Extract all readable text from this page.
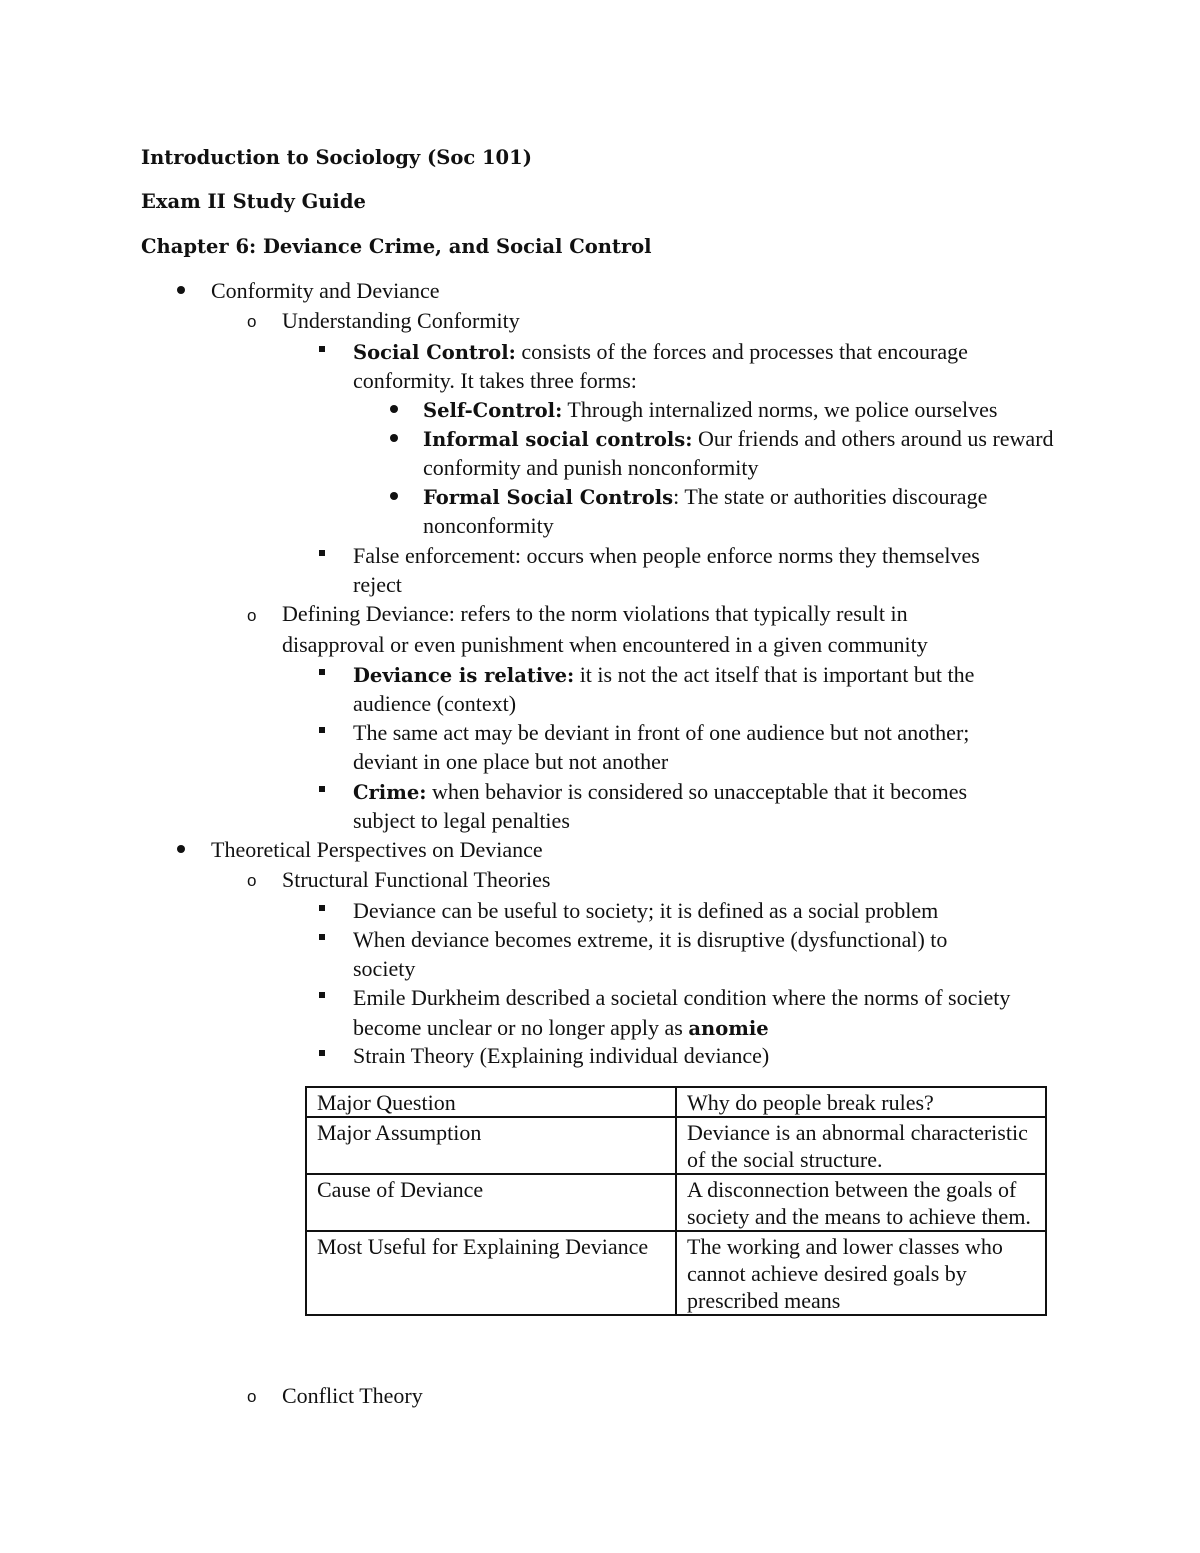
Introduction to Sociology (Soc 101)

Exam II Study Guide

Chapter 6: Deviance Crime, and Social Control

Conformity and Deviance

o Understanding Conformity

Social Control: consists of the forces and processes that encourage

conformity. It takes three forms:

Self-Control: Through internalized norms, we police ourselves

Informal social controls: Our friends and others around us reward

conformity and punish nonconformity

Formal Social Controls: The state or authorities discourage

nonconformity

False enforcement: occurs when people enforce norms they themselves

reject

o Defining Deviance: refers to the norm violations that typically result in

disapproval or even punishment when encountered in a given community

Deviance is relative: it is not the act itself that is important but the

audience (context)

The same act may be deviant in front of one audience but not another;

deviant in one place but not another

Crime: when behavior is considered so unacceptable that it becomes

subject to legal penalties

Theoretical Perspectives on Deviance

o Structural Functional Theories

Deviance can be useful to society; it is defined as a social problem

When deviance becomes extreme, it is disruptive (dysfunctional) to

society

Emile Durkheim described a societal condition where the norms of society

become unclear or no longer apply as anomie

Strain Theory (Explaining individual deviance)

Major Question	Why do people break rules?
Major Assumption	Deviance is an abnormal characteristic of the social structure.
Cause of Deviance	A disconnection between the goals of society and the means to achieve them.
Most Useful for Explaining Deviance	The working and lower classes who cannot achieve desired goals by prescribed means
o Conflict Theory
